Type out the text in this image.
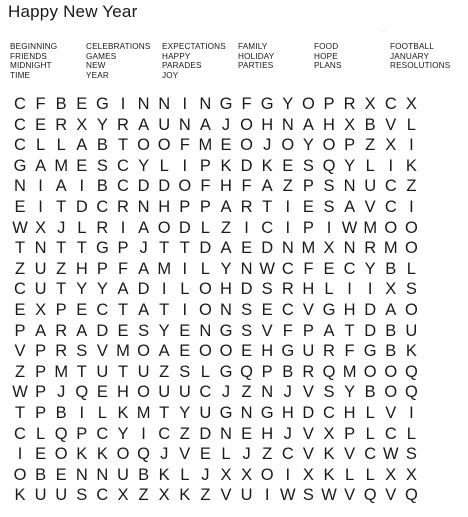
Happy New Year
·
BEGINNING	CELEBRATIONS	EXPECTATIONS	FAMILY	FOOD	FOOTBALL
FRIENDS	GAMES	HAPPY	HOLIDAY	HOPE	JANUARY
MIDNIGHT	NEW	PARADES	PARTIES	PLANS	RESOLUTIONS
TIME	YEAR	JOY
C F B E G I N N I N G F G Y O P R X C X
C E R X Y R A U N A J O H N A H X B V L
C L L A B T O O F M E O J O Y O P Z X I
G A M E S C Y L I P K D K E S Q Y L I K
N I A I B C D D O F H F A Z P S N U C Z
E I T D C R N H P P A R T I E S A V C I
W X J L R I A O D L Z I C I P I W M O O
T N T T G P J T T D A E D N M X N R M O
Z U Z H P F A M I L Y N W C F E C Y B L
C U T Y Y A D I L O H D S R H L I I X S
E X P E C T A T I O N S E C V G H D A O
P A R A D E S Y E N G S V F P A T D B U
V P R S V M O A E O O E H G U R F G B K
Z P M T U T U Z S L G Q P B R Q M O O Q
W P J Q E H O U U C J Z N J V S Y B O Q
T P B I L K M T Y U G N G H D C H L V I
C L Q P C Y I C Z D N E H J V X P L C L
I E O K K O Q J V E L J Z C V K V C W S
O B E N N U B K L J X X O I X K L L X X
K U U S C X Z X K Z V U I W S W V Q V Q
